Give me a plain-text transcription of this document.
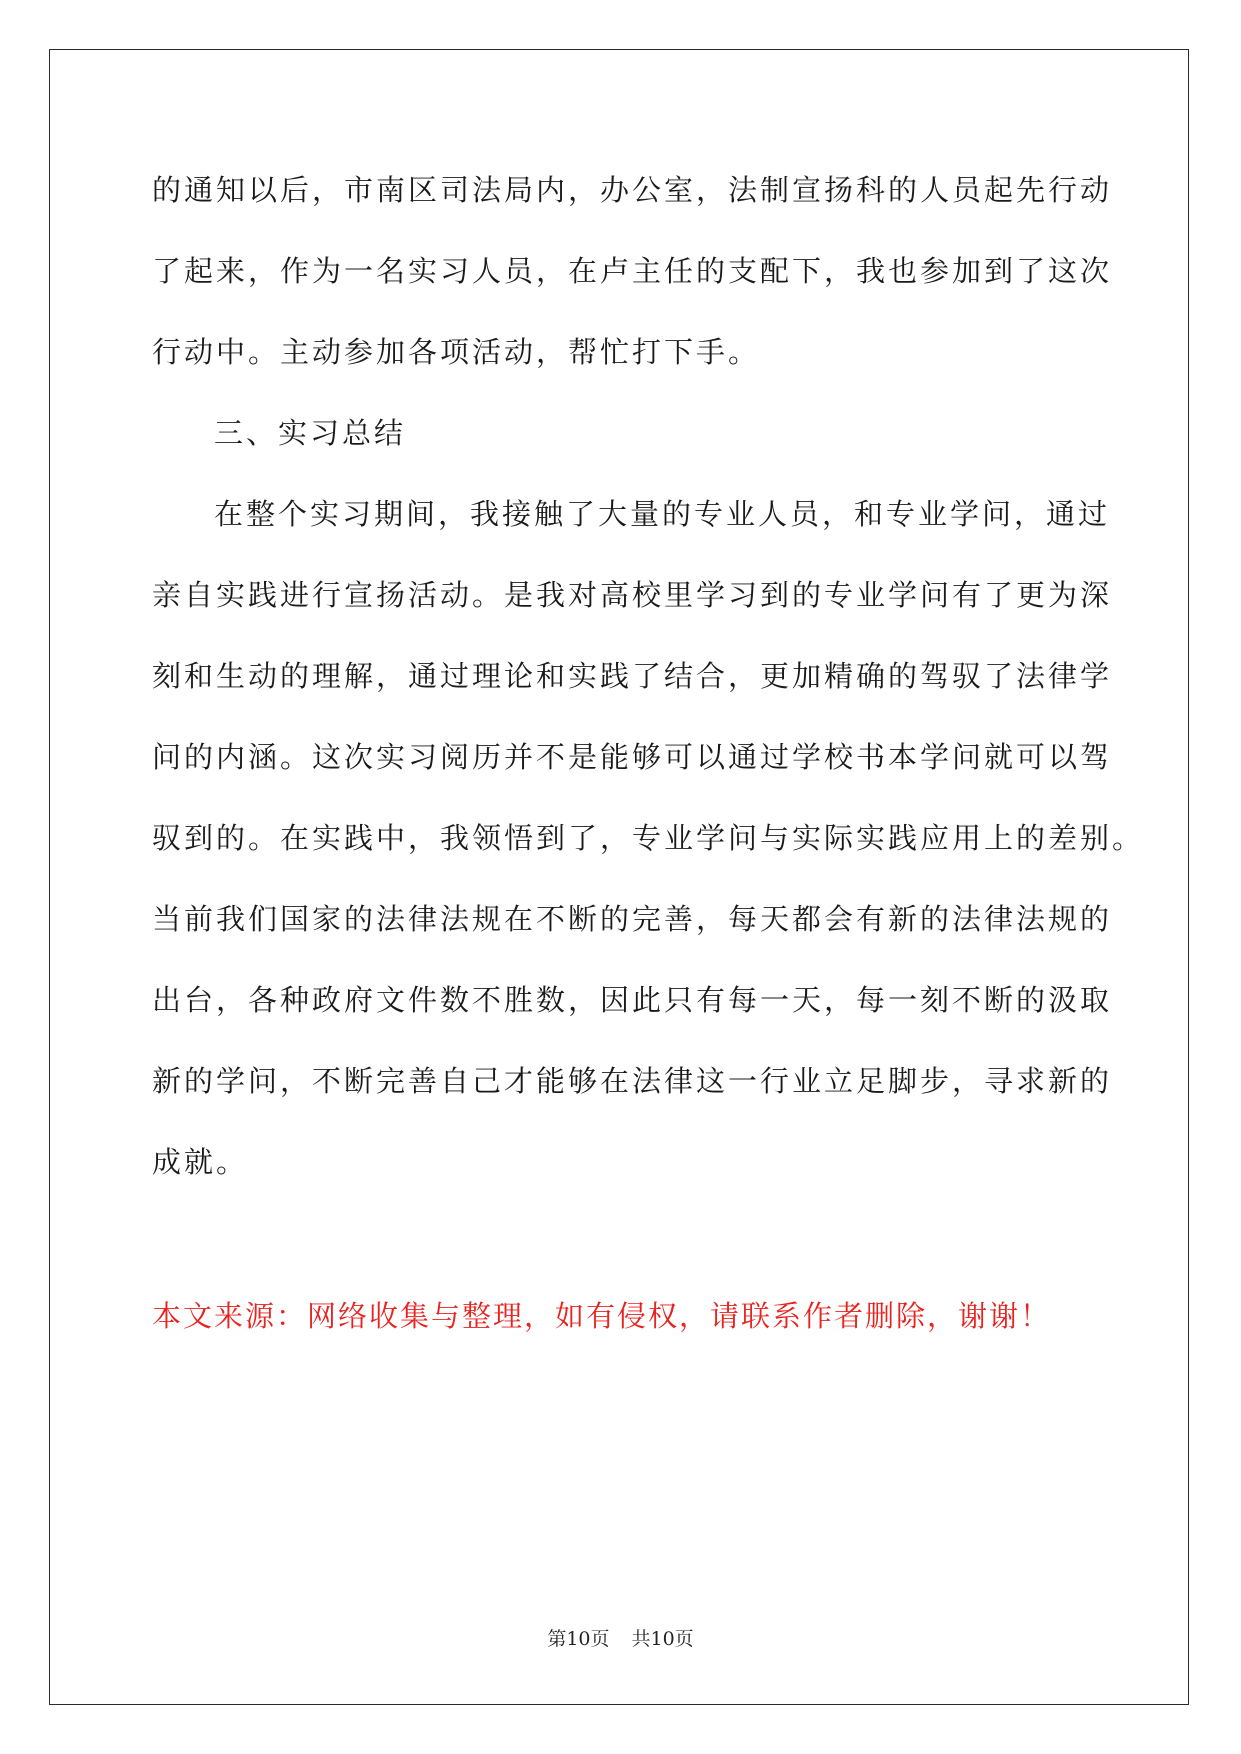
的通知以后，市南区司法局内，办公室，法制宣扬科的人员起先行动
了起来，作为一名实习人员，在卢主任的支配下，我也参加到了这次
行动中。主动参加各项活动，帮忙打下手。
三、实习总结
在整个实习期间，我接触了大量的专业人员，和专业学问，通过
亲自实践进行宣扬活动。是我对高校里学习到的专业学问有了更为深
刻和生动的理解，通过理论和实践了结合，更加精确的驾驭了法律学
问的内涵。这次实习阅历并不是能够可以通过学校书本学问就可以驾
驭到的。在实践中，我领悟到了，专业学问与实际实践应用上的差别。
当前我们国家的法律法规在不断的完善，每天都会有新的法律法规的
出台，各种政府文件数不胜数，因此只有每一天，每一刻不断的汲取
新的学问，不断完善自己才能够在法律这一行业立足脚步，寻求新的
成就。
本文来源：网络收集与整理，如有侵权，请联系作者删除，谢谢！
第10页 共10页
